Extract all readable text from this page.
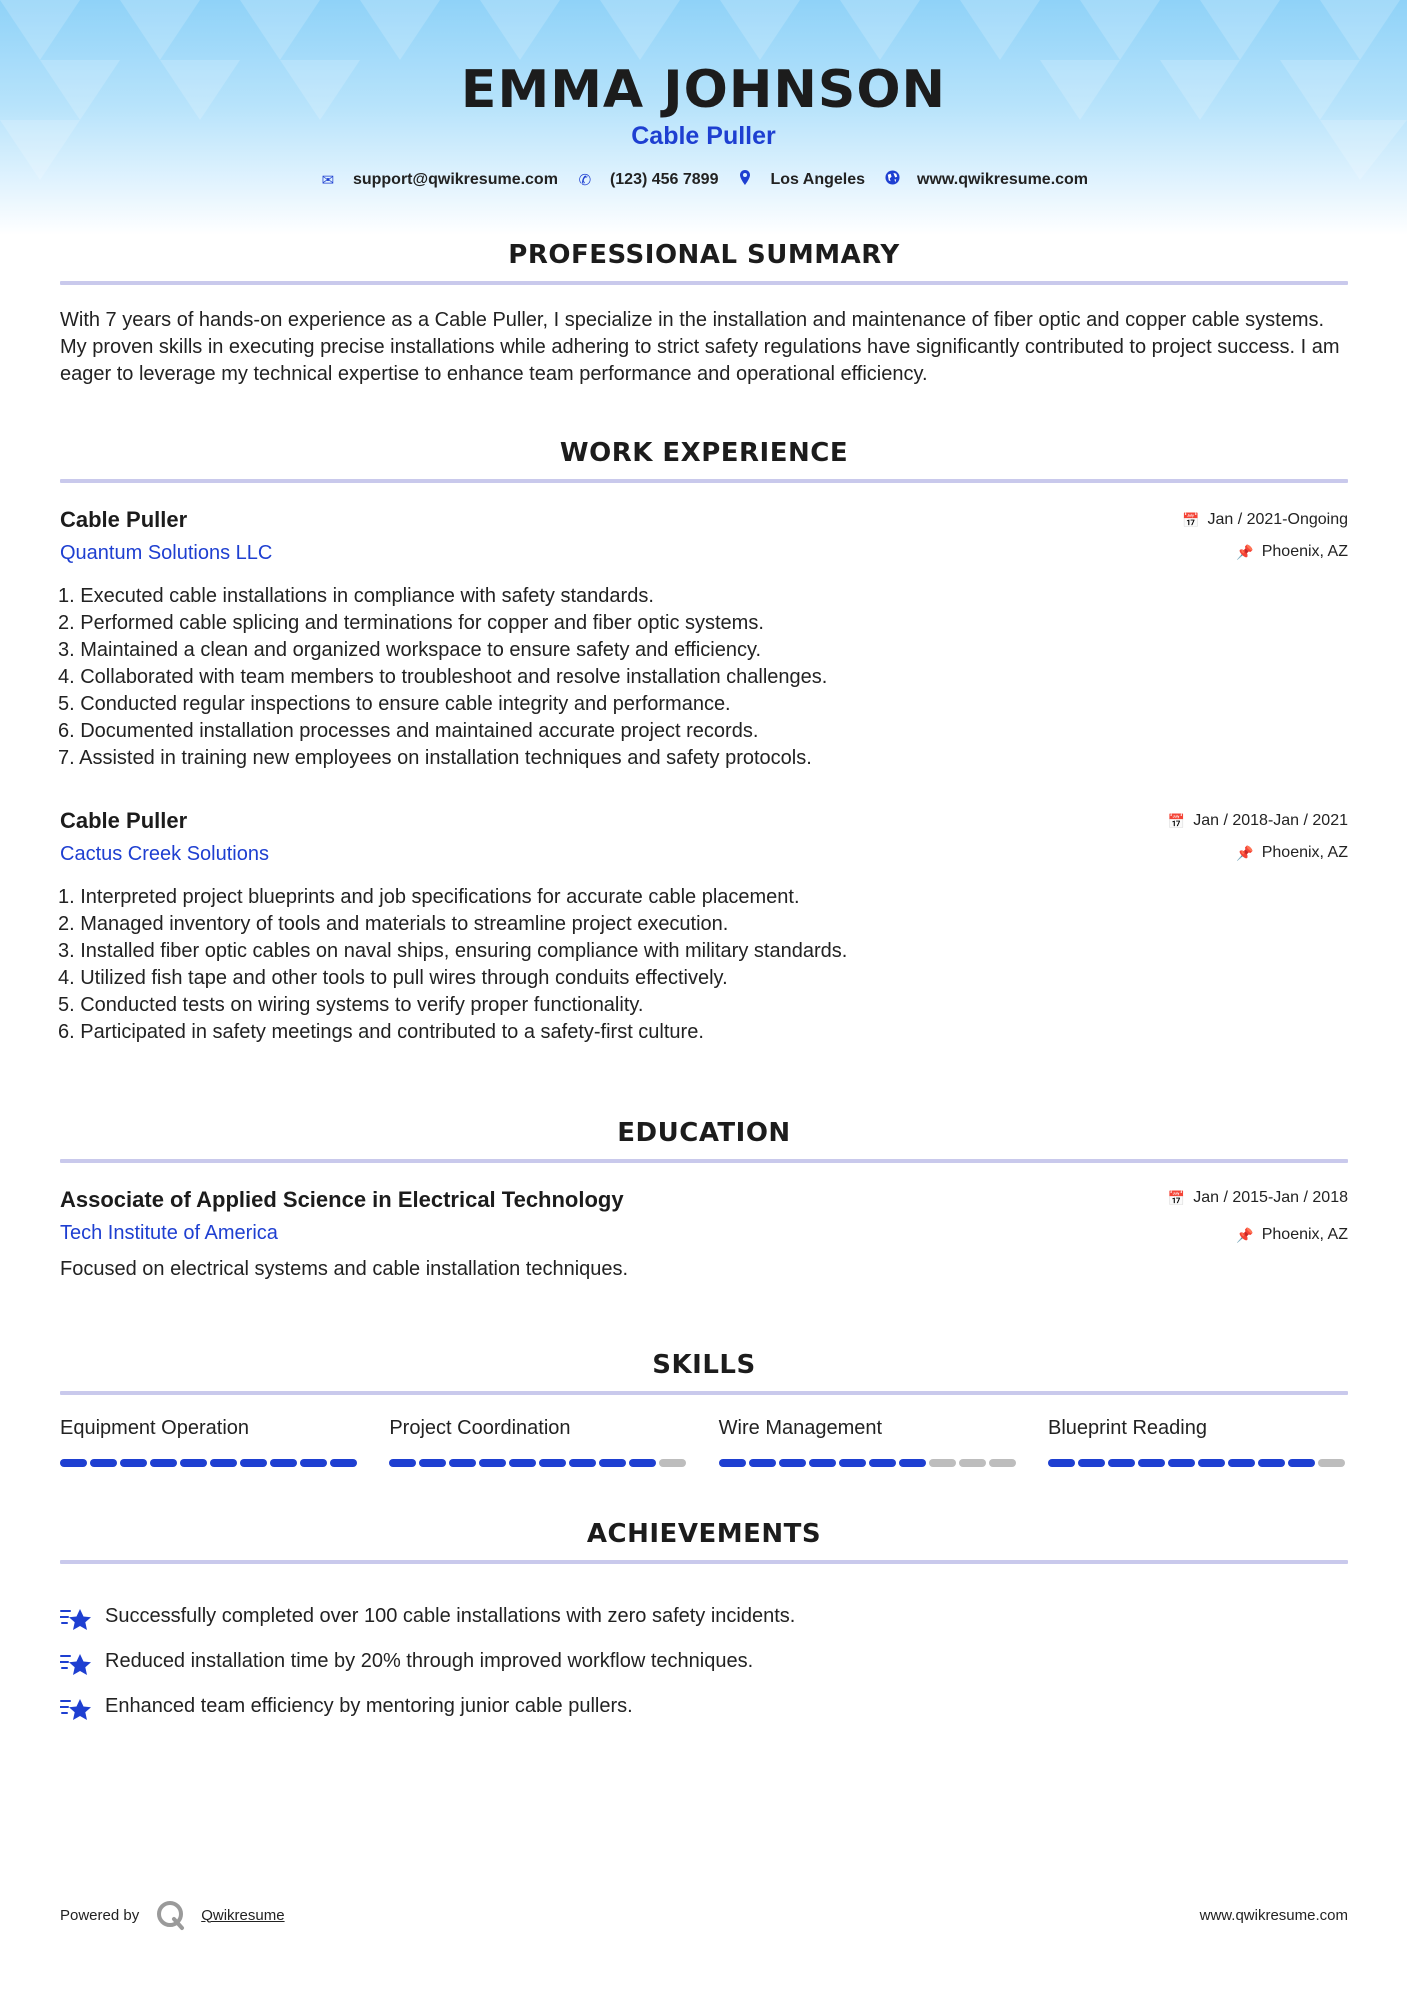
EMMA JOHNSON
Cable Puller
✉ support@qwikresume.com ✆ (123) 456 7899	Los Angeles	www.qwikresume.com
PROFESSIONAL SUMMARY
With 7 years of hands-on experience as a Cable Puller, I specialize in the installation and maintenance of fiber optic and copper cable systems. My proven skills in executing precise installations while adhering to strict safety regulations have significantly contributed to project success. I am eager to leverage my technical expertise to enhance team performance and operational efficiency.
WORK EXPERIENCE
Cable Puller
Quantum Solutions LLC
📅 Jan / 2021-Ongoing
📌 Phoenix, AZ
1. Executed cable installations in compliance with safety standards.
2. Performed cable splicing and terminations for copper and fiber optic systems.
3. Maintained a clean and organized workspace to ensure safety and efficiency.
4. Collaborated with team members to troubleshoot and resolve installation challenges.
5. Conducted regular inspections to ensure cable integrity and performance.
6. Documented installation processes and maintained accurate project records.
7. Assisted in training new employees on installation techniques and safety protocols.
Cable Puller
Cactus Creek Solutions
📅 Jan / 2018-Jan / 2021
📌 Phoenix, AZ
1. Interpreted project blueprints and job specifications for accurate cable placement.
2. Managed inventory of tools and materials to streamline project execution.
3. Installed fiber optic cables on naval ships, ensuring compliance with military standards.
4. Utilized fish tape and other tools to pull wires through conduits effectively.
5. Conducted tests on wiring systems to verify proper functionality.
6. Participated in safety meetings and contributed to a safety-first culture.
EDUCATION
Associate of Applied Science in Electrical Technology
Tech Institute of America
📅 Jan / 2015-Jan / 2018
📌 Phoenix, AZ
Focused on electrical systems and cable installation techniques.
SKILLS
Equipment Operation	Project Coordination	Wire Management	Blueprint Reading
ACHIEVEMENTS
Successfully completed over 100 cable installations with zero safety incidents.
Reduced installation time by 20% through improved workflow techniques.
Enhanced team efficiency by mentoring junior cable pullers.
Powered by	Qwikresume	www.qwikresume.com
